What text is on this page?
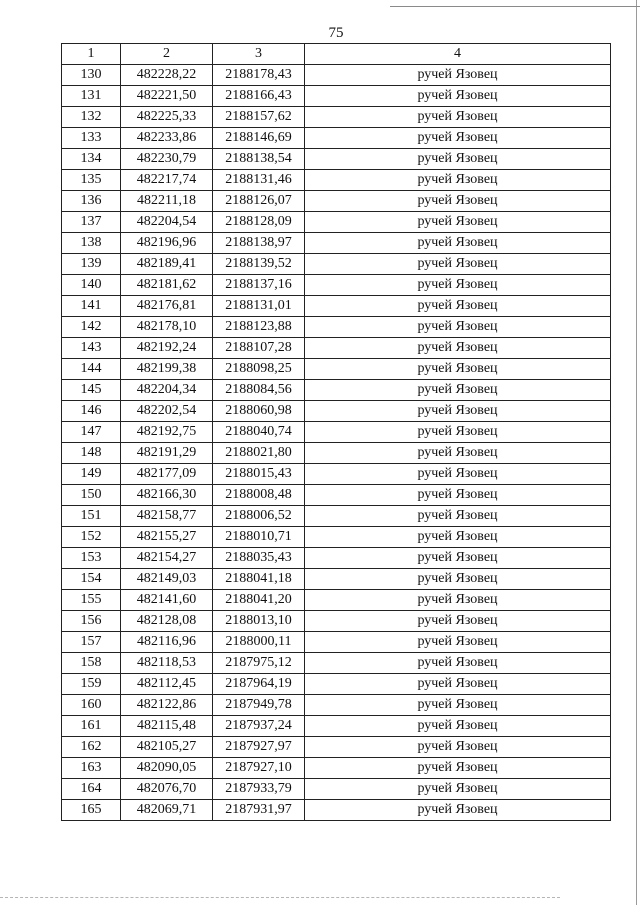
75
1	2	3	4
130	482228,22	2188178,43	ручей Язовец
131	482221,50	2188166,43	ручей Язовец
132	482225,33	2188157,62	ручей Язовец
133	482233,86	2188146,69	ручей Язовец
134	482230,79	2188138,54	ручей Язовец
135	482217,74	2188131,46	ручей Язовец
136	482211,18	2188126,07	ручей Язовец
137	482204,54	2188128,09	ручей Язовец
138	482196,96	2188138,97	ручей Язовец
139	482189,41	2188139,52	ручей Язовец
140	482181,62	2188137,16	ручей Язовец
141	482176,81	2188131,01	ручей Язовец
142	482178,10	2188123,88	ручей Язовец
143	482192,24	2188107,28	ручей Язовец
144	482199,38	2188098,25	ручей Язовец
145	482204,34	2188084,56	ручей Язовец
146	482202,54	2188060,98	ручей Язовец
147	482192,75	2188040,74	ручей Язовец
148	482191,29	2188021,80	ручей Язовец
149	482177,09	2188015,43	ручей Язовец
150	482166,30	2188008,48	ручей Язовец
151	482158,77	2188006,52	ручей Язовец
152	482155,27	2188010,71	ручей Язовец
153	482154,27	2188035,43	ручей Язовец
154	482149,03	2188041,18	ручей Язовец
155	482141,60	2188041,20	ручей Язовец
156	482128,08	2188013,10	ручей Язовец
157	482116,96	2188000,11	ручей Язовец
158	482118,53	2187975,12	ручей Язовец
159	482112,45	2187964,19	ручей Язовец
160	482122,86	2187949,78	ручей Язовец
161	482115,48	2187937,24	ручей Язовец
162	482105,27	2187927,97	ручей Язовец
163	482090,05	2187927,10	ручей Язовец
164	482076,70	2187933,79	ручей Язовец
165	482069,71	2187931,97	ручей Язовец
